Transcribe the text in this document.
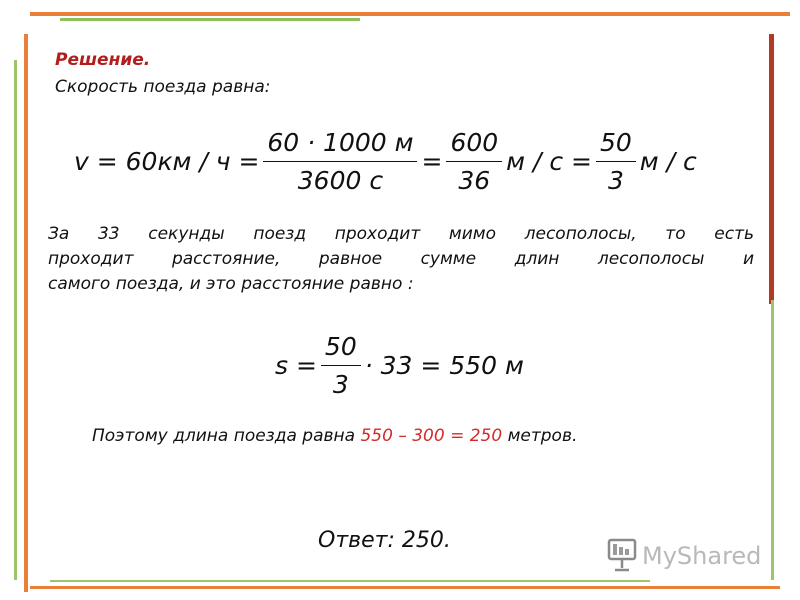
Решение.
Скорость поезда равна:
$v = 60км / ч = \frac{60 \cdot 1000 м}{3600 с} = \frac{600}{36}$ $м / с = \frac{50}{3}$ м / с
За 33 секунды поезд проходит мимо лесополосы, то есть
проходит расстояние, равное сумме длин лесополосы и
самого поезда, и это расстояние равно :
$s = \frac{50}{3} \cdot 33 = 550$ м
Поэтому длина поезда равна 550 – 300 = 250 метров.
Ответ: 250.
MyShared
